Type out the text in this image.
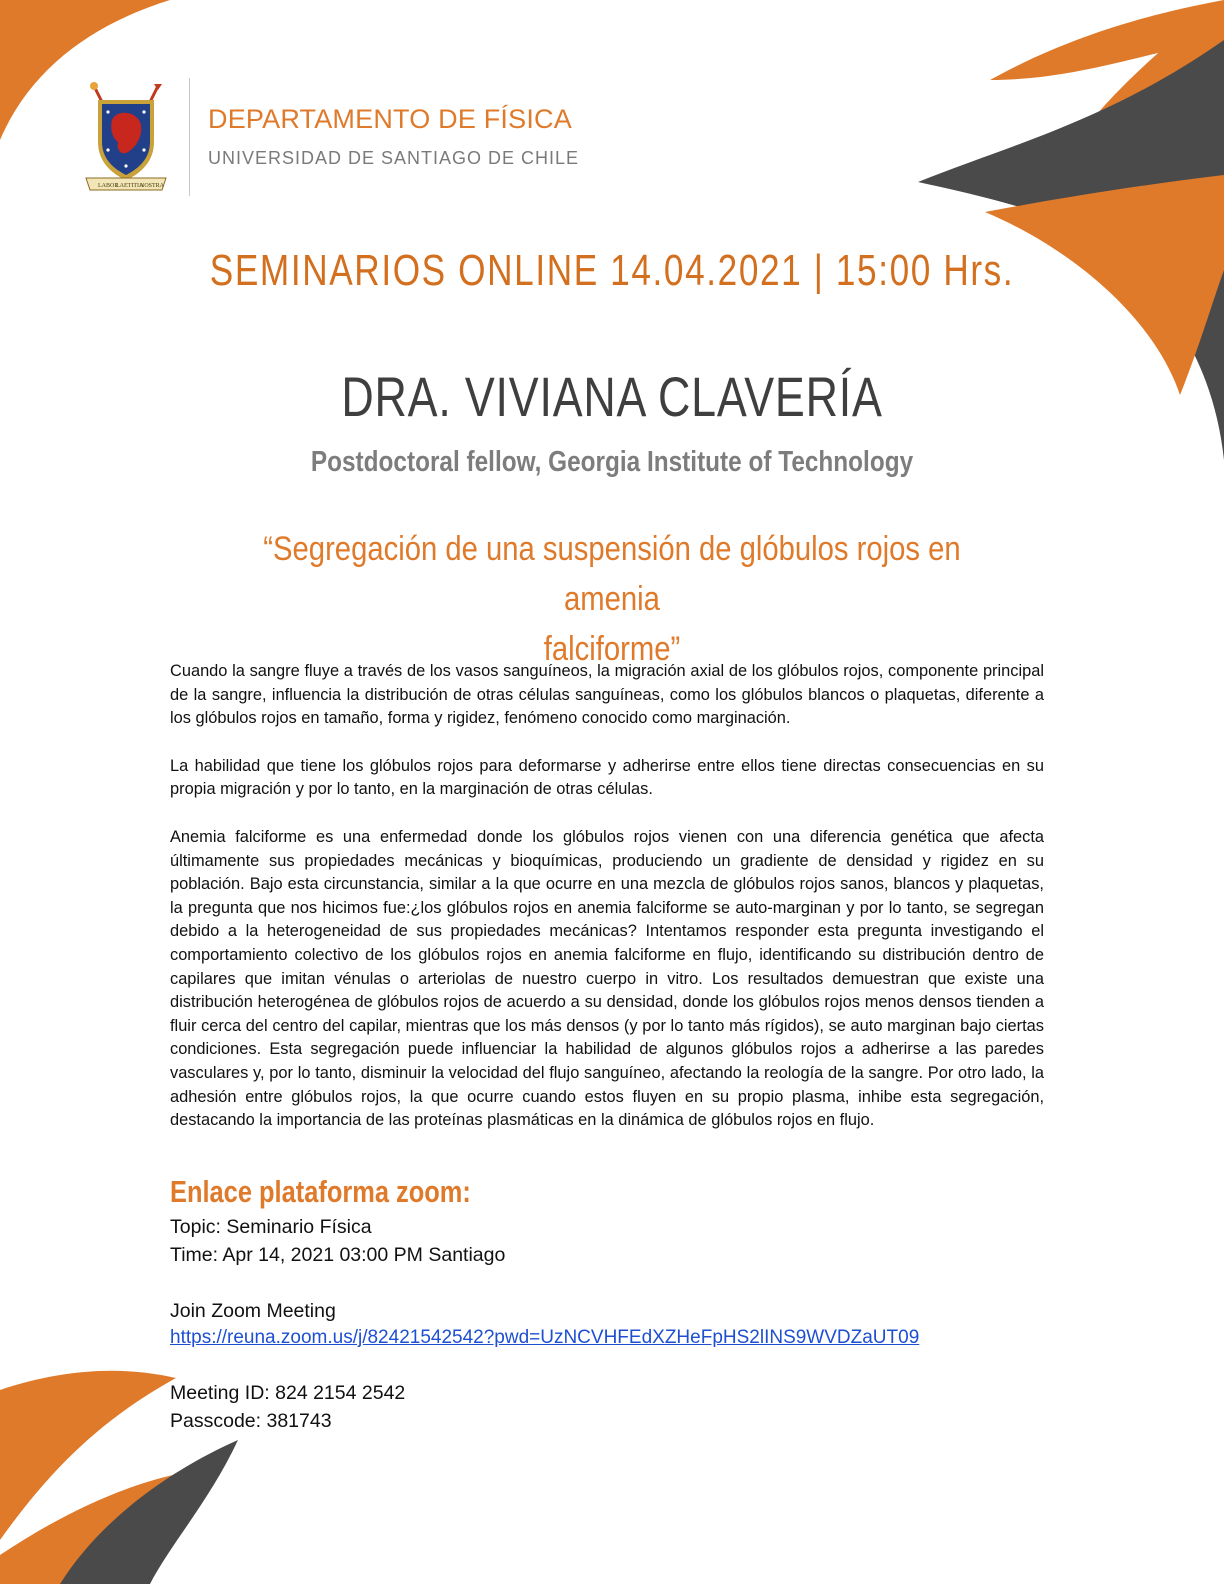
LABOR
LAETITIA
NOSTRA
DEPARTAMENTO DE FÍSICA
UNIVERSIDAD DE SANTIAGO DE CHILE
SEMINARIOS ONLINE 14.04.2021 | 15:00 Hrs.
DRA. VIVIANA CLAVERÍA
Postdoctoral fellow, Georgia Institute of Technology
“Segregación de una suspensión de glóbulos rojos en amenia
falciforme”

Cuando la sangre fluye a través de los vasos sanguíneos, la migración axial de los glóbulos rojos, componente principal de la sangre, influencia la distribución de otras células sanguíneas, como los glóbulos blancos o plaquetas, diferente a los glóbulos rojos en tamaño, forma y rigidez, fenómeno conocido como marginación.

La habilidad que tiene los glóbulos rojos para deformarse y adherirse entre ellos tiene directas consecuencias en su propia migración y por lo tanto, en la marginación de otras células.

Anemia falciforme es una enfermedad donde los glóbulos rojos vienen con una diferencia genética que afecta últimamente sus propiedades mecánicas y bioquímicas, produciendo un gradiente de densidad y rigidez en su población. Bajo esta circunstancia, similar a la que ocurre en una mezcla de glóbulos rojos sanos, blancos y plaquetas, la pregunta que nos hicimos fue:¿los glóbulos rojos en anemia falciforme se auto-marginan y por lo tanto, se segregan debido a la heterogeneidad de sus propiedades mecánicas? Intentamos responder esta pregunta investigando el comportamiento colectivo de los glóbulos rojos en anemia falciforme en flujo, identificando su distribución dentro de capilares que imitan vénulas o arteriolas de nuestro cuerpo in vitro. Los resultados demuestran que existe una distribución heterogénea de glóbulos rojos de acuerdo a su densidad, donde los glóbulos rojos menos densos tienden a fluir cerca del centro del capilar, mientras que los más densos (y por lo tanto más rígidos), se auto marginan bajo ciertas condiciones. Esta segregación puede influenciar la habilidad de algunos glóbulos rojos a adherirse a las paredes vasculares y, por lo tanto, disminuir la velocidad del flujo sanguíneo, afectando la reología de la sangre. Por otro lado, la adhesión entre glóbulos rojos, la que ocurre cuando estos fluyen en su propio plasma, inhibe esta segregación, destacando la importancia de las proteínas plasmáticas en la dinámica de glóbulos rojos en flujo.

Enlace plataforma zoom:
Topic: Seminario Física
Time: Apr 14, 2021 03:00 PM Santiago
Join Zoom Meeting
https://reuna.zoom.us/j/82421542542?pwd=UzNCVHFEdXZHeFpHS2lINS9WVDZaUT09
Meeting ID: 824 2154 2542
Passcode: 381743
